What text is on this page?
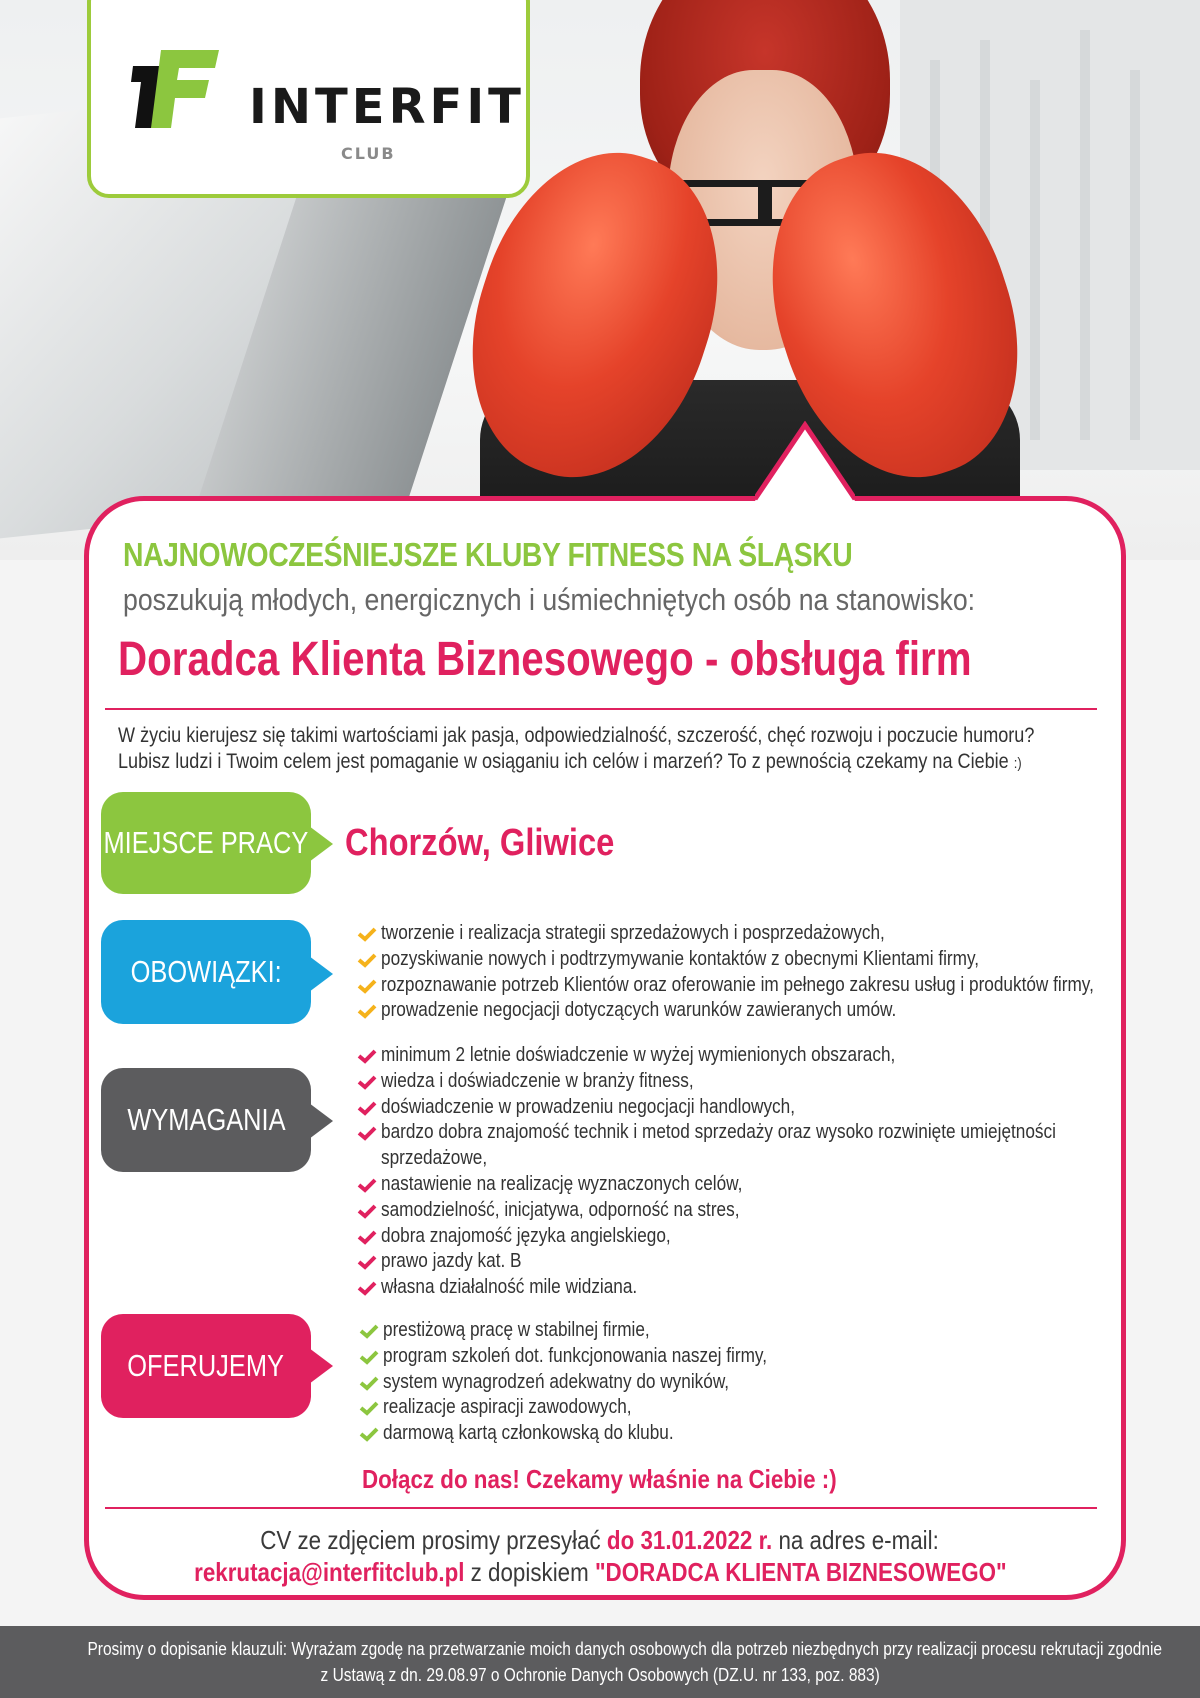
INTERFIT
CLUB
NAJNOWOCZEŚNIEJSZE KLUBY FITNESS NA ŚLĄSKU
poszukują młodych, energicznych i uśmiechniętych osób na stanowisko:
Doradca Klienta Biznesowego - obsługa firm
W życiu kierujesz się takimi wartościami jak pasja, odpowiedzialność, szczerość, chęć rozwoju i poczucie humoru?
Lubisz ludzi i Twoim celem jest pomaganie w osiąganiu ich celów i marzeń? To z pewnością czekamy na Ciebie :)
MIEJSCE PRACY Chorzów, Gliwice
OBOWIĄZKI:
tworzenie i realizacja strategii sprzedażowych i posprzedażowych,
pozyskiwanie nowych i podtrzymywanie kontaktów z obecnymi Klientami firmy,
rozpoznawanie potrzeb Klientów oraz oferowanie im pełnego zakresu usług i produktów firmy,
prowadzenie negocjacji dotyczących warunków zawieranych umów.
WYMAGANIA
minimum 2 letnie doświadczenie w wyżej wymienionych obszarach,
wiedza i doświadczenie w branży fitness,
doświadczenie w prowadzeniu negocjacji handlowych,
bardzo dobra znajomość technik i metod sprzedaży oraz wysoko rozwinięte umiejętności
sprzedażowe,
nastawienie na realizację wyznaczonych celów,
samodzielność, inicjatywa, odporność na stres,
dobra znajomość języka angielskiego,
prawo jazdy kat. B
własna działalność mile widziana.
OFERUJEMY
prestiżową pracę w stabilnej firmie,
program szkoleń dot. funkcjonowania naszej firmy,
system wynagrodzeń adekwatny do wyników,
realizacje aspiracji zawodowych,
darmową kartą członkowską do klubu.
Dołącz do nas! Czekamy właśnie na Ciebie :)
CV ze zdjęciem prosimy przesyłać do 31.01.2022 r. na adres e-mail:
rekrutacja@interfitclub.pl z dopiskiem "DORADCA KLIENTA BIZNESOWEGO"
Prosimy o dopisanie klauzuli: Wyrażam zgodę na przetwarzanie moich danych osobowych dla potrzeb niezbędnych przy realizacji procesu rekrutacji zgodnie
z Ustawą z dn. 29.08.97 o Ochronie Danych Osobowych (DZ.U. nr 133, poz. 883)
